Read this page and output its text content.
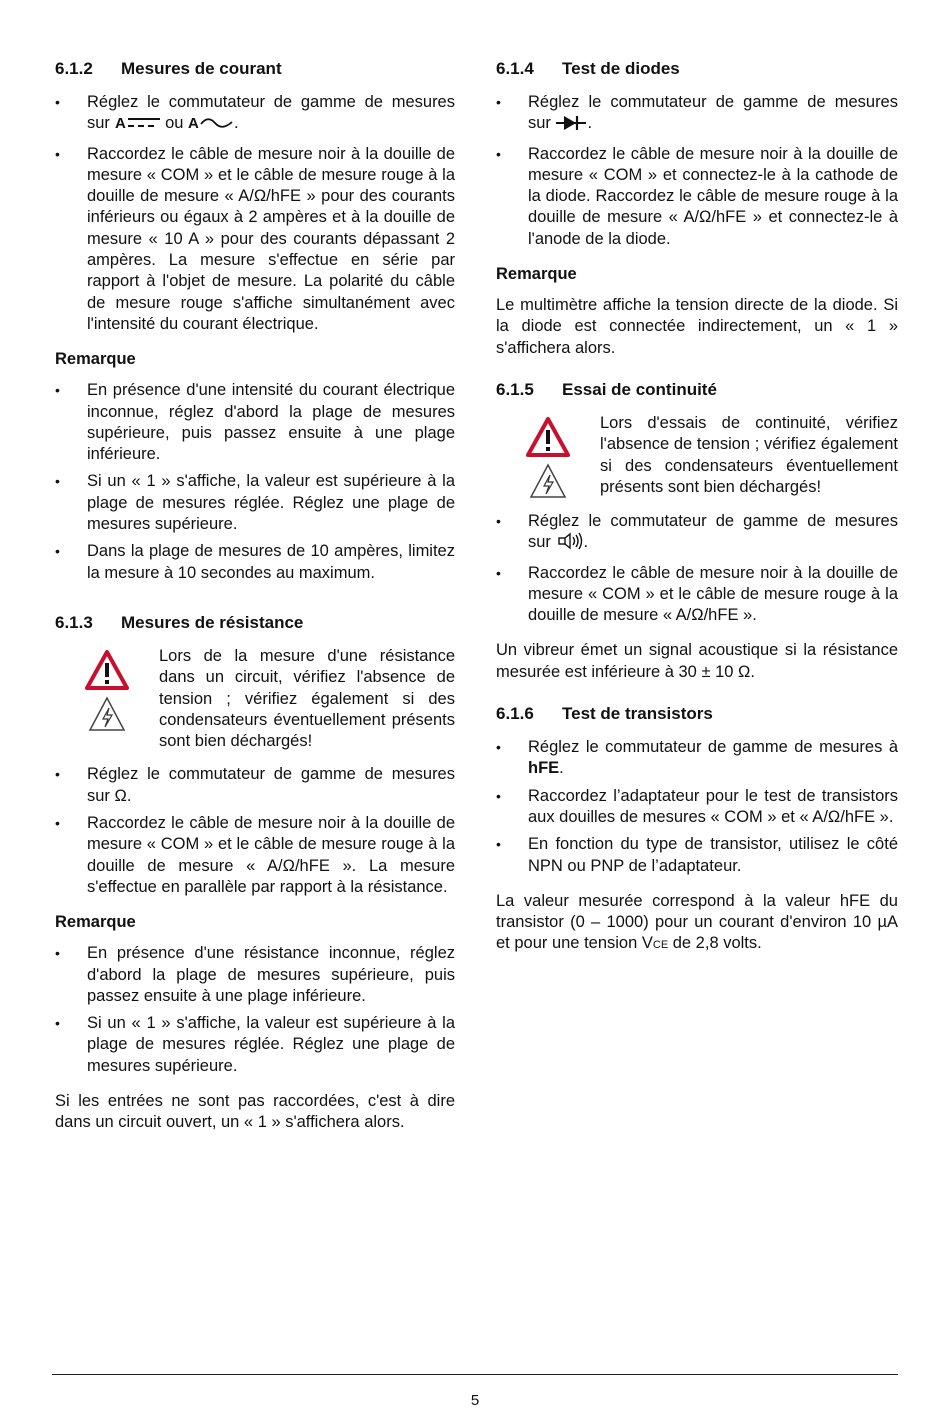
6.1.2 Mesures de courant
• Réglez le commutateur de gamme de mesures sur A ou A .
• Raccordez le câble de mesure noir à la douille de mesure « COM » et le câble de mesure rouge à la douille de mesure « A/Ω/hFE » pour des courants inférieurs ou égaux à 2 ampères et à la douille de mesure « 10 A » pour des courants dépassant 2 ampères. La mesure s'effectue en série par rapport à l'objet de mesure. La polarité du câble de mesure rouge s'affiche simultanément avec l'intensité du courant électrique.
Remarque
• En présence d'une intensité du courant électrique inconnue, réglez d'abord la plage de mesures supérieure, puis passez ensuite à une plage inférieure.
• Si un « 1 » s'affiche, la valeur est supérieure à la plage de mesures réglée. Réglez une plage de mesures supérieure.
• Dans la plage de mesures de 10 ampères, limitez la mesure à 10 secondes au maximum.
6.1.3 Mesures de résistance
Lors de la mesure d'une résistance dans un circuit, vérifiez l'absence de tension ; vérifiez également si des condensateurs éventuellement présents sont bien déchargés!
• Réglez le commutateur de gamme de mesures sur Ω.
• Raccordez le câble de mesure noir à la douille de mesure « COM » et le câble de mesure rouge à la douille de mesure « A/Ω/hFE ». La mesure s'effectue en parallèle par rapport à la résistance.
Remarque
• En présence d'une résistance inconnue, réglez d'abord la plage de mesures supérieure, puis passez ensuite à une plage inférieure.
• Si un « 1 » s'affiche, la valeur est supérieure à la plage de mesures réglée. Réglez une plage de mesures supérieure.

Si les entrées ne sont pas raccordées, c'est à dire dans un circuit ouvert, un « 1 » s'affichera alors.

6.1.4 Test de diodes
• Réglez le commutateur de gamme de mesures sur .
• Raccordez le câble de mesure noir à la douille de mesure « COM » et connectez-le à la cathode de la diode. Raccordez le câble de mesure rouge à la douille de mesure « A/Ω/hFE » et connectez-le à l'anode de la diode.
Remarque

Le multimètre affiche la tension directe de la diode. Si la diode est connectée indirectement, un « 1 » s'affichera alors.

6.1.5 Essai de continuité
Lors d'essais de continuité, vérifiez l'absence de tension ; vérifiez également si des condensateurs éventuellement présents sont bien déchargés!
• Réglez le commutateur de gamme de mesures sur .
• Raccordez le câble de mesure noir à la douille de mesure « COM » et le câble de mesure rouge à la douille de mesure « A/Ω/hFE ».

Un vibreur émet un signal acoustique si la résistance mesurée est inférieure à 30 ± 10 Ω.

6.1.6 Test de transistors
• Réglez le commutateur de gamme de mesures à hFE.
• Raccordez l’adaptateur pour le test de transistors aux douilles de mesures « COM » et « A/Ω/hFE ».
• En fonction du type de transistor, utilisez le côté NPN ou PNP de l’adaptateur.

La valeur mesurée correspond à la valeur hFE du transistor (0 – 1000) pour un courant d'environ 10 µA et pour une tension VCE de 2,8 volts.

5
